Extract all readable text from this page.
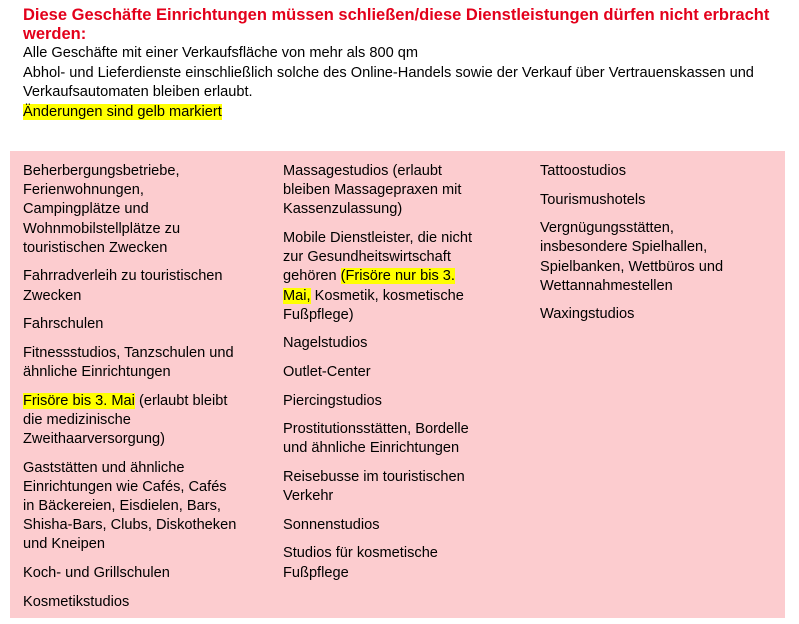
Diese Geschäfte Einrichtungen müssen schließen/diese Dienstleistungen dürfen nicht erbracht werden:

Alle Geschäfte mit einer Verkaufsfläche von mehr als 800 qm

Abhol- und Lieferdienste einschließlich solche des Online-Handels sowie der Verkauf über Vertrauenskassen und Verkaufsautomaten bleiben erlaubt.

Änderungen sind gelb markiert

Beherbergungsbetriebe, Ferienwohnungen, Campingplätze und Wohnmobilstellplätze zu touristischen Zwecken

Fahrradverleih zu touristischen Zwecken

Fahrschulen

Fitnessstudios, Tanzschulen und ähnliche Einrichtungen

Frisöre bis 3. Mai (erlaubt bleibt die medizinische Zweithaarversorgung)

Gaststätten und ähnliche Einrichtungen wie Cafés, Cafés in Bäckereien, Eisdielen, Bars, Shisha-Bars, Clubs, Diskotheken und Kneipen

Koch- und Grillschulen

Kosmetikstudios

Massagestudios (erlaubt bleiben Massagepraxen mit Kassenzulassung)

Mobile Dienstleister, die nicht zur Gesundheitswirtschaft gehören (Frisöre nur bis 3. Mai, Kosmetik, kosmetische Fußpflege)

Nagelstudios

Outlet-Center

Piercingstudios

Prostitutionsstätten, Bordelle und ähnliche Einrichtungen

Reisebusse im touristischen Verkehr

Sonnenstudios

Studios für kosmetische Fußpflege

Tattoostudios

Tourismushotels

Vergnügungsstätten, insbesondere Spielhallen, Spielbanken, Wettbüros und Wettannahmestellen

Waxingstudios
